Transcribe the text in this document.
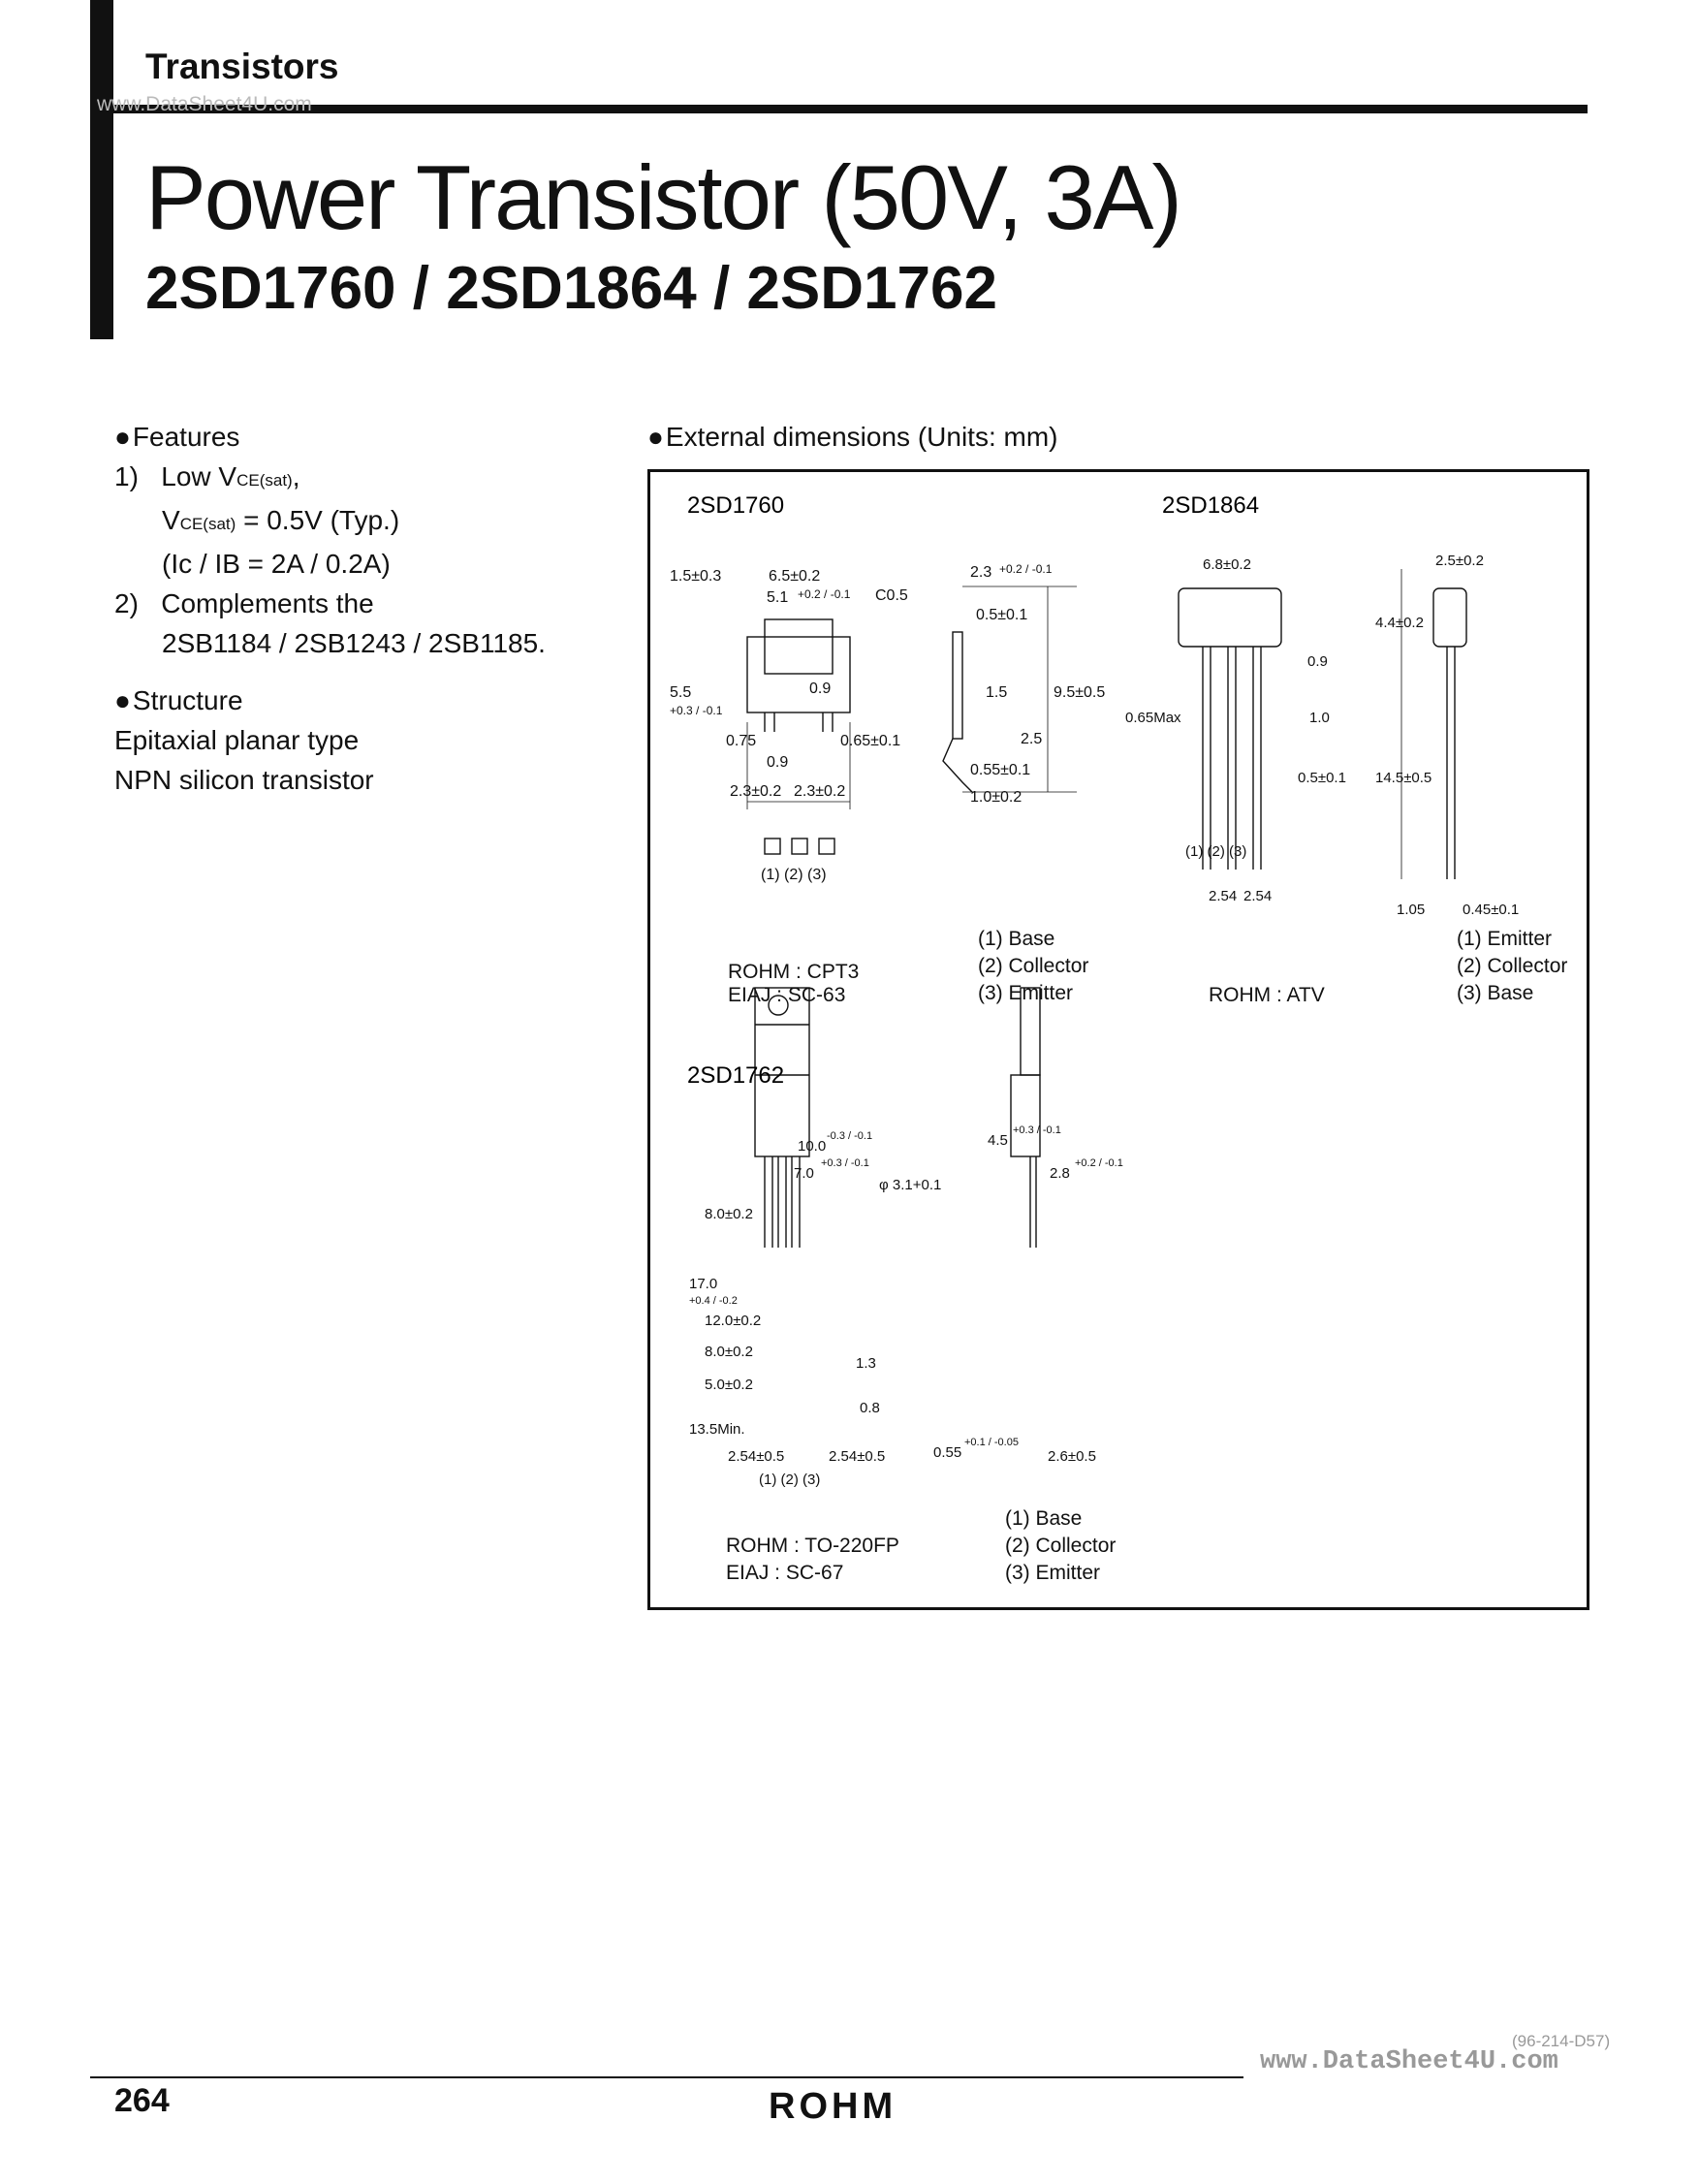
Transistors
www.DataSheet4U.com
Power Transistor (50V, 3A)
2SD1760 / 2SD1864 / 2SD1762
● Features
1) Low VCE(sat),
VCE(sat) = 0.5V (Typ.)
(Ic / IB = 2A / 0.2A)
2) Complements the
2SB1184 / 2SB1243 / 2SB1185.
● Structure
Epitaxial planar type
NPN silicon transistor
● External dimensions (Units: mm)
2SD1760	2SD1864
2SD1762
6.5±0.2
5.1 +0.2 / -0.1 C0.5
1.5±0.3
5.5
+0.3 / -0.1
0.9
0.75	0.65±0.1
0.9
2.3±0.2 2.3±0.2
2.3 +0.2 / -0.1
0.5±0.1
1.5	9.5±0.5
2.5
0.55±0.1
1.0±0.2
(1) (2) (3)
6.8±0.2	2.5±0.2
4.4±0.2
0.9
0.65Max	1.0
0.5±0.1 14.5±0.5
(1) (2) (3)
2.54 2.54
1.05	0.45±0.1
(1) Base
(2) Collector
(3) Emitter
ROHM : CPT3
EIAJ : SC-63
(1) Emitter
(2) Collector
(3) Base
ROHM : ATV
(1) Base
(2) Collector
(3) Emitter
ROHM : TO-220FP
EIAJ : SC-67
10.0
-0.3 / -0.1
7.0
+0.3 / -0.1
φ 3.1+0.1
8.0±0.2
17.0
+0.4 / -0.2
12.0±0.2
8.0±0.2
5.0±0.2
1.3
13.5Min.
0.8
2.54±0.5	2.54±0.5
(1) (2) (3)
4.5
+0.3 / -0.1
2.8
+0.2 / -0.1
0.55
+0.1 / -0.05
2.6±0.5
(96-214-D57)
www.DataSheet4U.com
264	ROHM
